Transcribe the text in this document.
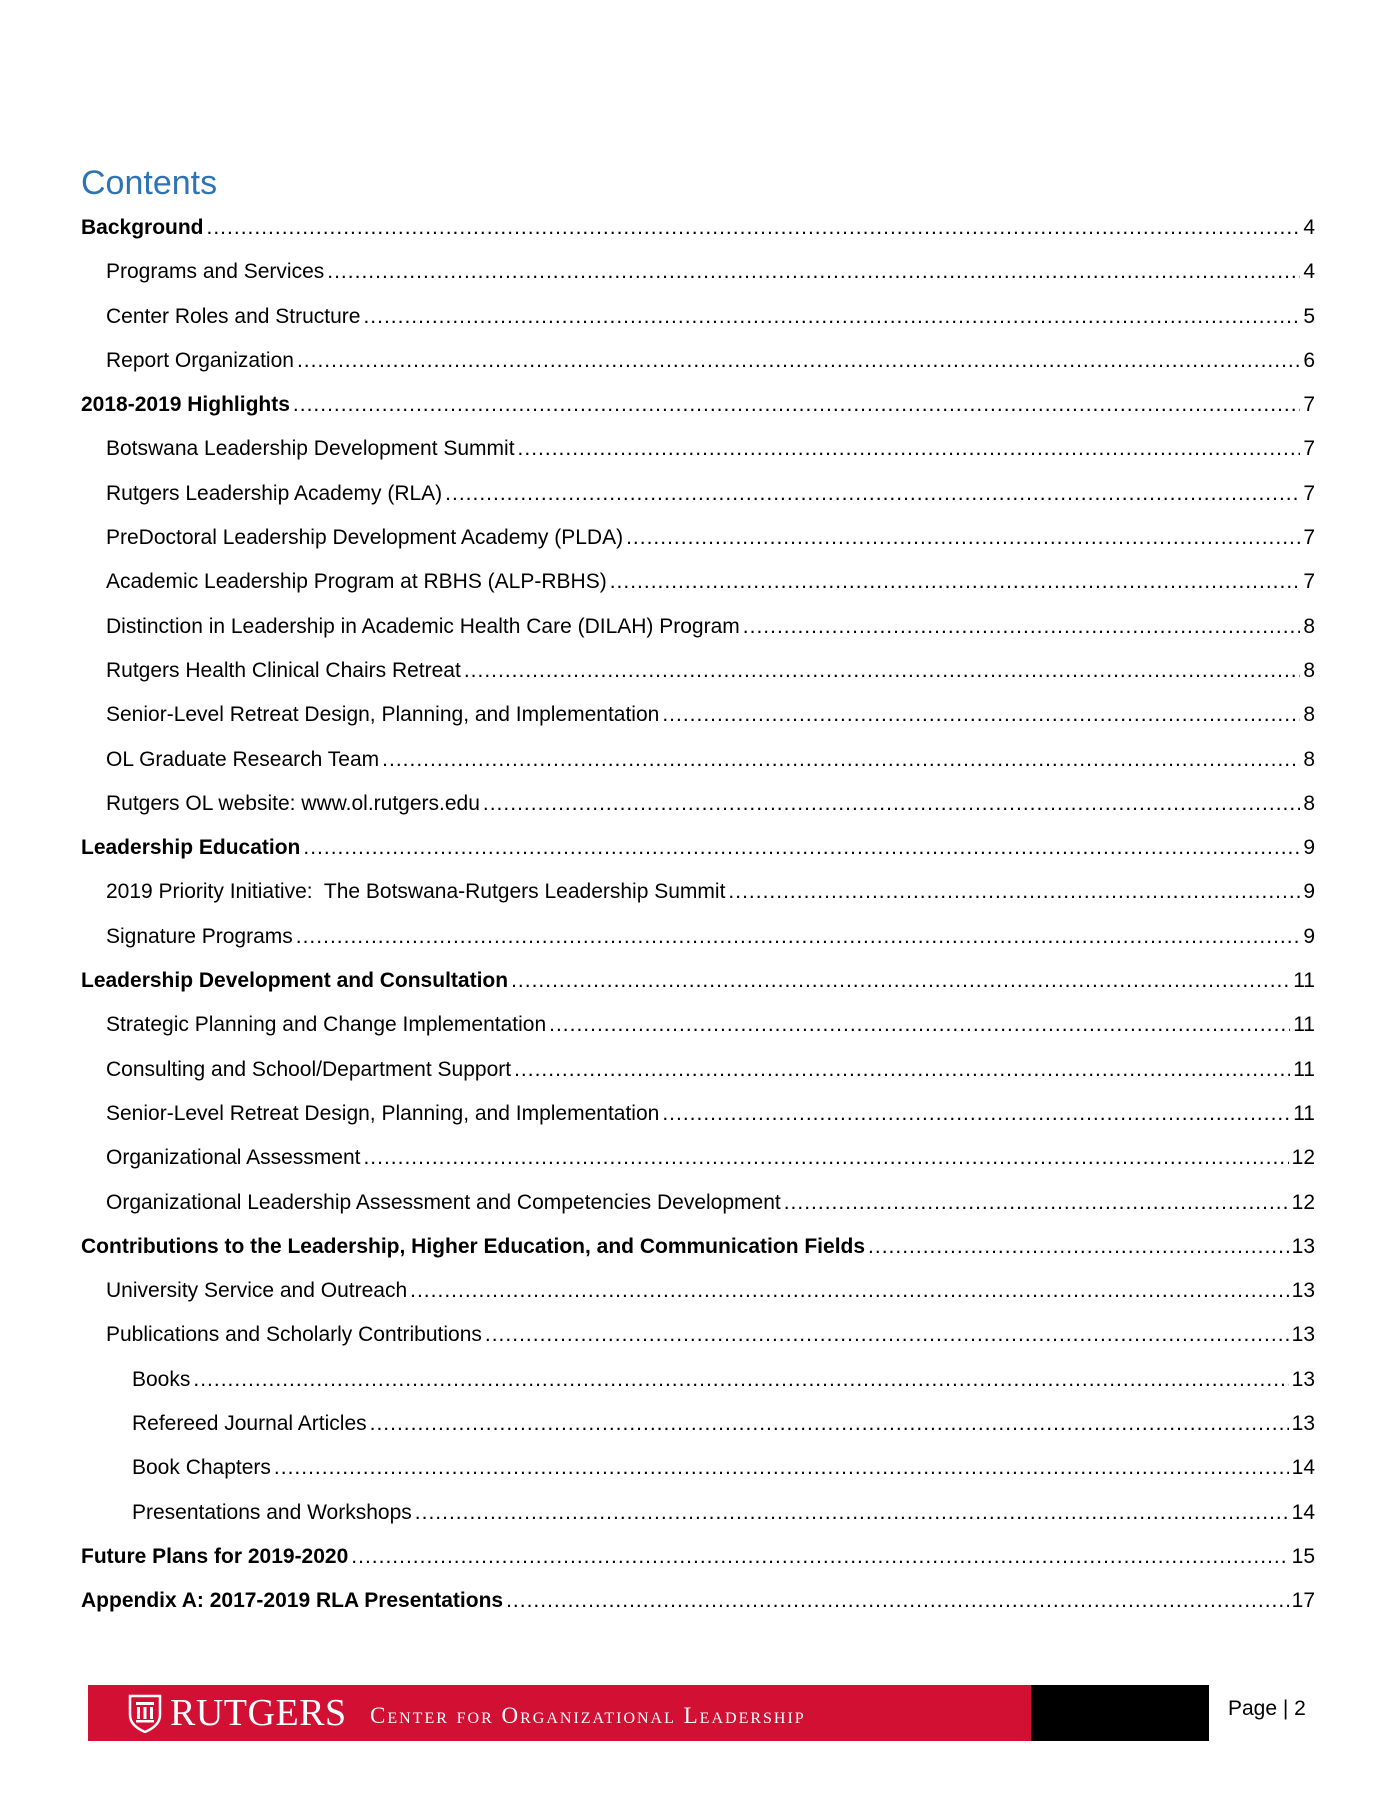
Contents
Background .....	4
Programs and Services .....	4
Center Roles and Structure .....	5
Report Organization .....	6
2018-2019 Highlights .....	7
Botswana Leadership Development Summit .....	7
Rutgers Leadership Academy (RLA) .....	7
PreDoctoral Leadership Development Academy (PLDA) .....	7
Academic Leadership Program at RBHS (ALP-RBHS) .....	7
Distinction in Leadership in Academic Health Care (DILAH) Program .....	8
Rutgers Health Clinical Chairs Retreat .....	8
Senior-Level Retreat Design, Planning, and Implementation .....	8
OL Graduate Research Team .....	8
Rutgers OL website: www.ol.rutgers.edu .....	8
Leadership Education .....	9
2019 Priority Initiative:  The Botswana-Rutgers Leadership Summit .....	9
Signature Programs .....	9
Leadership Development and Consultation .....	11
Strategic Planning and Change Implementation .....	11
Consulting and School/Department Support .....	11
Senior-Level Retreat Design, Planning, and Implementation .....	11
Organizational Assessment .....	12
Organizational Leadership Assessment and Competencies Development .....	12
Contributions to the Leadership, Higher Education, and Communication Fields .....	13
University Service and Outreach .....	13
Publications and Scholarly Contributions .....	13
Books .....	13
Refereed Journal Articles .....	13
Book Chapters .....	14
Presentations and Workshops .....	14
Future Plans for 2019-2020 .....	15
Appendix A: 2017-2019 RLA Presentations .....	17
RUTGERS Center for Organizational Leadership	Page | 2
